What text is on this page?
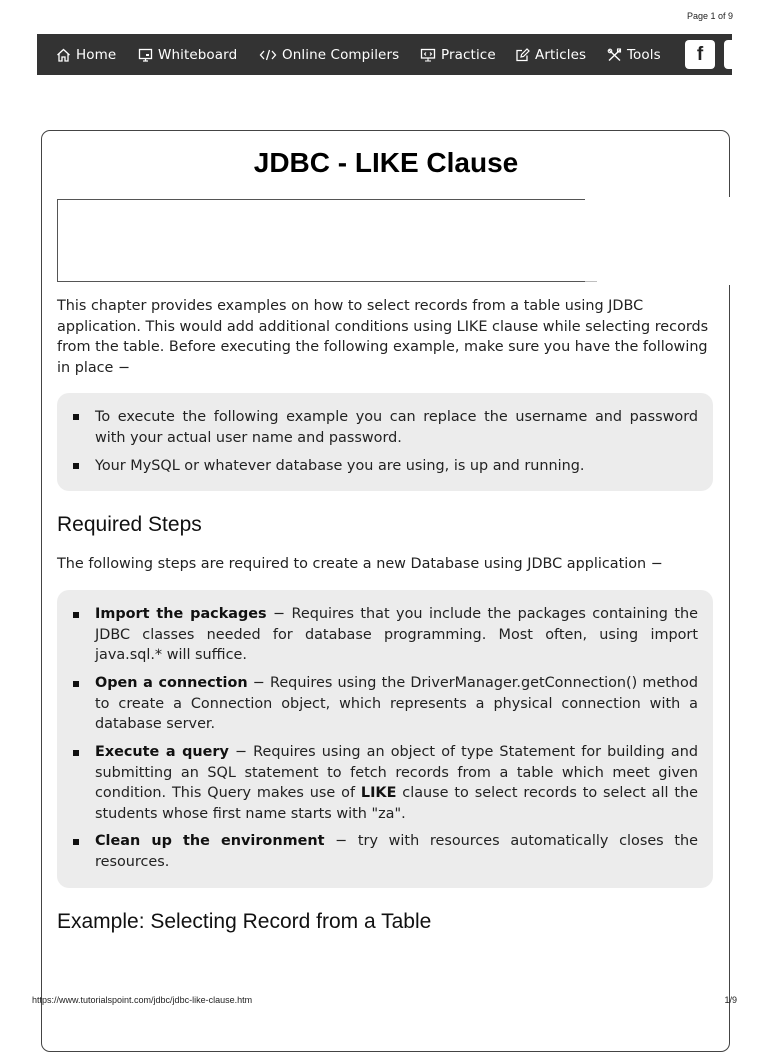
Page 1 of 9
Home	Whiteboard	Online Compilers	Practice	Articles	Tools f
JDBC - LIKE Clause

This chapter provides examples on how to select records from a table using JDBC application. This would add additional conditions using LIKE clause while selecting records from the table. Before executing the following example, make sure you have the following in place −

To execute the following example you can replace the username and password with your actual user name and password.

Your MySQL or whatever database you are using, is up and running.

Required Steps

The following steps are required to create a new Database using JDBC application −

Import the packages − Requires that you include the packages containing the JDBC classes needed for database programming. Most often, using import java.sql.* will suffice.

Open a connection − Requires using the DriverManager.getConnection() method to create a Connection object, which represents a physical connection with a database server.

Execute a query − Requires using an object of type Statement for building and submitting an SQL statement to fetch records from a table which meet given condition. This Query makes use of LIKE clause to select records to select all the students whose first name starts with "za".

Clean up the environment − try with resources automatically closes the resources.

Example: Selecting Record from a Table
https://www.tutorialspoint.com/jdbc/jdbc-like-clause.htm	1/9
